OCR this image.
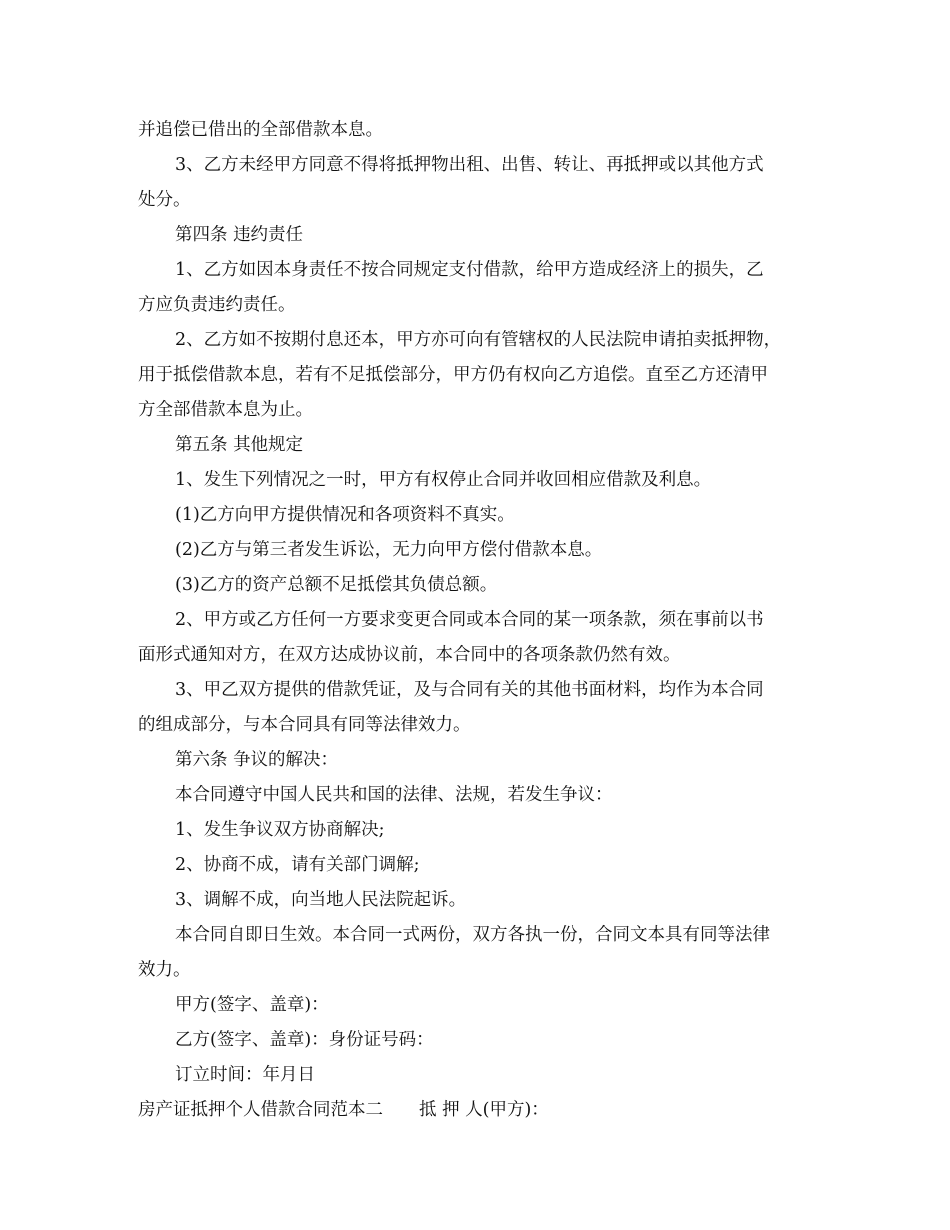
并追偿已借出的全部借款本息。
3、乙方未经甲方同意不得将抵押物出租、出售、转让、再抵押或以其他方式
处分。
第四条 违约责任
1、乙方如因本身责任不按合同规定支付借款，给甲方造成经济上的损失，乙
方应负责违约责任。
2、乙方如不按期付息还本，甲方亦可向有管辖权的人民法院申请拍卖抵押物，
用于抵偿借款本息，若有不足抵偿部分，甲方仍有权向乙方追偿。直至乙方还清甲
方全部借款本息为止。
第五条 其他规定
1、发生下列情况之一时，甲方有权停止合同并收回相应借款及利息。
(1)乙方向甲方提供情况和各项资料不真实。
(2)乙方与第三者发生诉讼，无力向甲方偿付借款本息。
(3)乙方的资产总额不足抵偿其负债总额。
2、甲方或乙方任何一方要求变更合同或本合同的某一项条款，须在事前以书
面形式通知对方，在双方达成协议前，本合同中的各项条款仍然有效。
3、甲乙双方提供的借款凭证，及与合同有关的其他书面材料，均作为本合同
的组成部分，与本合同具有同等法律效力。
第六条 争议的解决：
本合同遵守中国人民共和国的法律、法规，若发生争议：
1、发生争议双方协商解决;
2、协商不成，请有关部门调解;
3、调解不成，向当地人民法院起诉。
本合同自即日生效。本合同一式两份，双方各执一份，合同文本具有同等法律
效力。
甲方(签字、盖章)：
乙方(签字、盖章)：身份证号码：
订立时间：年月日
房产证抵押个人借款合同范本二 抵 押 人(甲方)：
